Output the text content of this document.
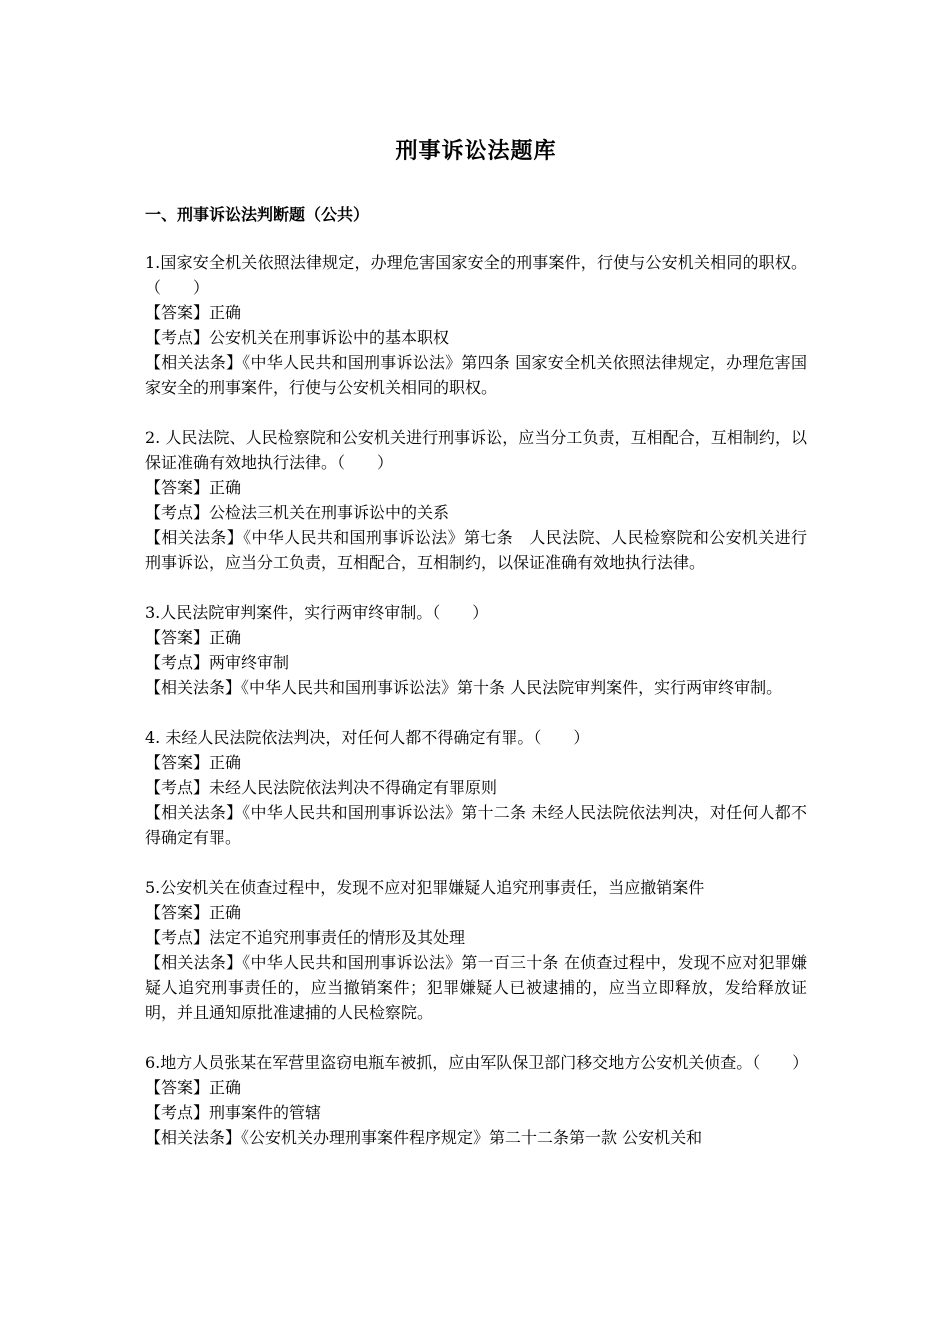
刑事诉讼法题库
一、刑事诉讼法判断题（公共）

1.国家安全机关依照法律规定，办理危害国家安全的刑事案件，行使与公安机关相同的职权。（　　）

【答案】正确

【考点】公安机关在刑事诉讼中的基本职权

【相关法条】《中华人民共和国刑事诉讼法》第四条 国家安全机关依照法律规定，办理危害国家安全的刑事案件，行使与公安机关相同的职权。

2. 人民法院、人民检察院和公安机关进行刑事诉讼，应当分工负责，互相配合，互相制约，以保证准确有效地执行法律。（　　）

【答案】正确

【考点】公检法三机关在刑事诉讼中的关系

【相关法条】《中华人民共和国刑事诉讼法》第七条　人民法院、人民检察院和公安机关进行刑事诉讼，应当分工负责，互相配合，互相制约，以保证准确有效地执行法律。

3.人民法院审判案件，实行两审终审制。（　　）

【答案】正确

【考点】两审终审制

【相关法条】《中华人民共和国刑事诉讼法》第十条 人民法院审判案件，实行两审终审制。

4. 未经人民法院依法判决，对任何人都不得确定有罪。（　　）

【答案】正确

【考点】未经人民法院依法判决不得确定有罪原则

【相关法条】《中华人民共和国刑事诉讼法》第十二条 未经人民法院依法判决，对任何人都不得确定有罪。

5.公安机关在侦查过程中，发现不应对犯罪嫌疑人追究刑事责任，当应撤销案件

【答案】正确

【考点】法定不追究刑事责任的情形及其处理

【相关法条】《中华人民共和国刑事诉讼法》第一百三十条 在侦查过程中，发现不应对犯罪嫌疑人追究刑事责任的，应当撤销案件；犯罪嫌疑人已被逮捕的，应当立即释放，发给释放证明，并且通知原批准逮捕的人民检察院。

6.地方人员张某在军营里盗窃电瓶车被抓，应由军队保卫部门移交地方公安机关侦查。（　　）

【答案】正确

【考点】刑事案件的管辖

【相关法条】《公安机关办理刑事案件程序规定》第二十二条第一款 公安机关和
